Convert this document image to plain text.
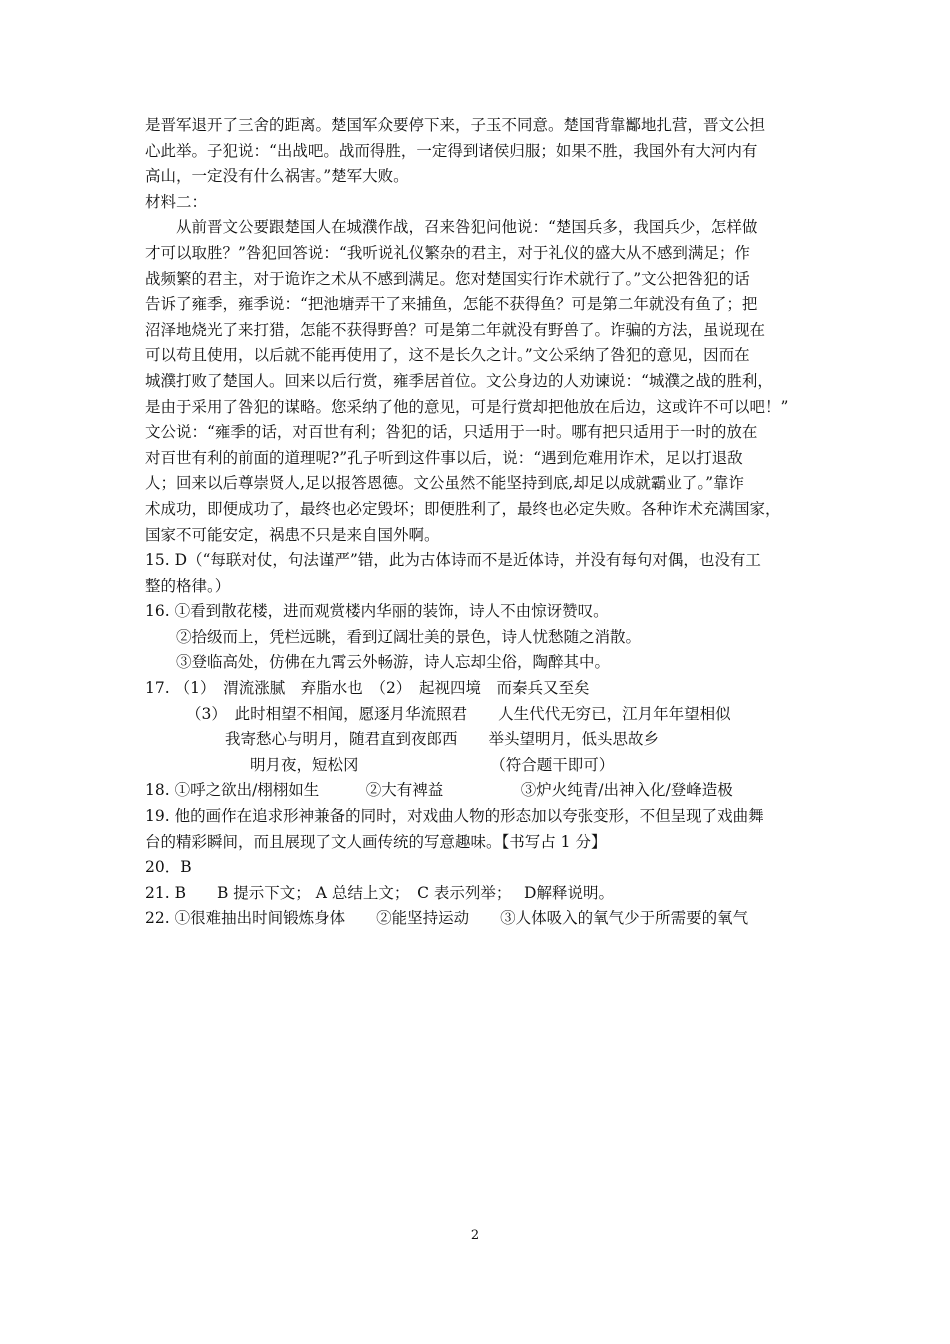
是晋军退开了三舍的距离。楚国军众要停下来，子玉不同意。楚国背靠酅地扎营，晋文公担
心此举。子犯说：“出战吧。战而得胜，一定得到诸侯归服；如果不胜，我国外有大河内有
高山，一定没有什么祸害。”楚军大败。
材料二：
从前晋文公要跟楚国人在城濮作战，召来咎犯问他说：“楚国兵多，我国兵少，怎样做
才可以取胜？”咎犯回答说：“我听说礼仪繁杂的君主，对于礼仪的盛大从不感到满足；作
战频繁的君主，对于诡诈之术从不感到满足。您对楚国实行诈术就行了。”文公把咎犯的话
告诉了雍季，雍季说：“把池塘弄干了来捕鱼，怎能不获得鱼？可是第二年就没有鱼了；把
沼泽地烧光了来打猎，怎能不获得野兽？可是第二年就没有野兽了。诈骗的方法，虽说现在
可以苟且使用，以后就不能再使用了，这不是长久之计。”文公采纳了咎犯的意见，因而在
城濮打败了楚国人。回来以后行赏，雍季居首位。文公身边的人劝谏说：“城濮之战的胜利，
是由于采用了咎犯的谋略。您采纳了他的意见，可是行赏却把他放在后边，这或许不可以吧！”
文公说：“雍季的话，对百世有利；咎犯的话，只适用于一时。哪有把只适用于一时的放在
对百世有利的前面的道理呢?”孔子听到这件事以后，说：“遇到危难用诈术，足以打退敌
人；回来以后尊崇贤人,足以报答恩德。文公虽然不能坚持到底,却足以成就霸业了。”靠诈
术成功，即便成功了，最终也必定毁坏；即便胜利了，最终也必定失败。各种诈术充满国家，
国家不可能安定，祸患不只是来自国外啊。
15. D（“每联对仗，句法谨严”错，此为古体诗而不是近体诗，并没有每句对偶，也没有工
整的格律。）
16. ①看到散花楼，进而观赏楼内华丽的装饰，诗人不由惊讶赞叹。
②拾级而上，凭栏远眺，看到辽阔壮美的景色，诗人忧愁随之消散。
③登临高处，仿佛在九霄云外畅游，诗人忘却尘俗，陶醉其中。
17. （1）　渭流涨腻　弃脂水也　（2）　起视四境　而秦兵又至矣
（3）　此时相望不相闻，愿逐月华流照君　　人生代代无穷已，江月年年望相似
我寄愁心与明月，随君直到夜郎西　　举头望明月，低头思故乡
明月夜，短松冈　　　　　　　　　（符合题干即可）
18. ①呼之欲出/栩栩如生　　　②大有裨益　　　　　③炉火纯青/出神入化/登峰造极
19. 他的画作在追求形神兼备的同时，对戏曲人物的形态加以夸张变形，不但呈现了戏曲舞
台的精彩瞬间，而且展现了文人画传统的写意趣味。【书写占 1 分】
20．B
21. B　　B 提示下文； A 总结上文；　C 表示列举；　 D解释说明。
22. ①很难抽出时间锻炼身体　　②能坚持运动　　③人体吸入的氧气少于所需要的氧气
2
